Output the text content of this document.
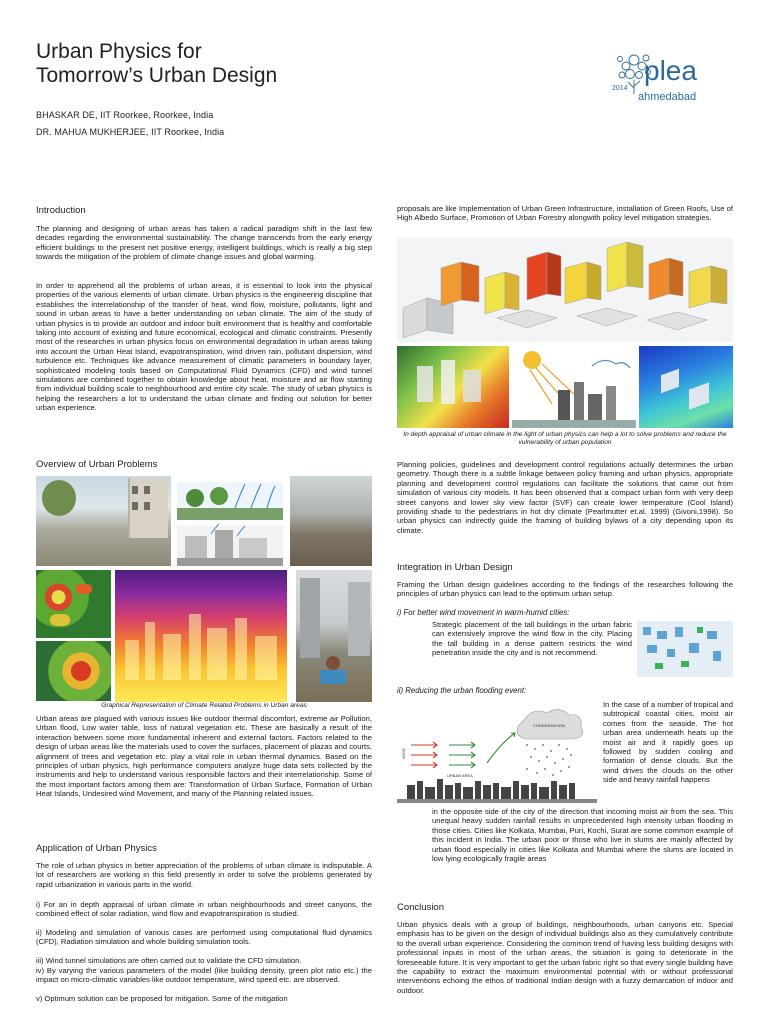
Urban Physics for
Tomorrow’s Urban Design
BHASKAR DE, IIT Roorkee, Roorkee, India
DR. MAHUA MUKHERJEE, IIT Roorkee, India
2014
plea
ahmedabad
Introduction
The planning and designing of urban areas has taken a radical paradigm shift in the last few decades regarding the environmental sustainability. The change transcends from the early energy efficient buildings to the present net positive energy, intelligent buildings, which is really a big step towards the mitigation of the problem of climate change issues and global warming.
In order to apprehend all the problems of urban areas, it is essential to look into the physical properties of the various elements of urban climate. Urban physics is the engineering discipline that establishes the interrelationship of the transfer of heat, wind flow, moisture, pollutants, light and sound in urban areas to have a better understanding on urban climate. The aim of the study of urban physics is to provide an outdoor and indoor built environment that is healthy and comfortable taking into account of existing and future economical, ecological and climatic constraints. Presently most of the researches in urban physics focus on environmental degradation in urban areas taking into account the Urban Heat Island, evapotranspiration, wind driven rain, pollutant dispersion, wind turbulence etc. Techniques like advance measurement of climatic parameters in boundary layer, sophisticated modeling tools based on Computational Fluid Dynamics (CFD) and wind tunnel simulations are combined together to obtain knowledge about heat, moisture and air flow starting from individual building scale to neighbourhood and entire city scale. The study of urban physics is helping the researchers a lot to understand the urban climate and finding out solution for better urban experience.
Overview of Urban Problems
Graphical Representation of Climate Related Problems in Urban areas
Urban areas are plagued with various issues like outdoor thermal discomfort, extreme air Pollution, Urban flood, Low water table, loss of natural vegetation etc. These are basically a result of the interaction between some more fundamental inherent and external factors. Factors related to the design of urban areas like the materials used to cover the surfaces, placement of plazas and courts, alignment of trees and vegetation etc. play a vital role in urban thermal dynamics. Based on the principles of urban physics, high performance computers analyze huge data sets collected by the instruments and help to understand various responsible factors and their interrelationship. Some of the most important factors among them are: Transformation of Urban Surface, Formation of Urban Heat Islands, Undesired wind Movement, and many of the Planning related issues.
Application of Urban Physics
The role of urban physics in better appreciation of the problems of urban climate is indisputable. A lot of researchers are working in this field presently in order to solve the problems generated by rapid urbanization in various parts in the world.
i) For an in depth appraisal of urban climate in urban neighbourhoods and street canyons, the combined effect of solar radiation, wind flow and evapotranspiration is studied.
ii) Modeling and simulation of various cases are performed using computational fluid dynamics (CFD), Radiation simulation and whole building simulation tools.
iii) Wind tunnel simulations are often carried out to validate the CFD simulation.
iv) By varying the various parameters of the model (like building density, green plot ratio etc.) the impact on micro-climatic variables like outdoor temperature, wind speed etc. are observed.
v) Optimum solution can be proposed for mitigation. Some of the mitigation
proposals are like Implementation of Urban Green Infrastructure, installation of Green Roofs, Use of High Albedo Surface, Promotion of Urban Forestry alongwith policy level mitigation strategies.
In depth appraisal of urban climate in the light of urban physics can help a lot to solve problems and reduce the vulnerability of urban population
Planning policies, guidelines and development control regulations actually determines the urban geometry. Though there is a subtle linkage between policy framing and urban physics, appropriate planning and development control regulations can facilitate the solutions that came out from simulation of various city models. It has been observed that a compact urban form with very deep street canyons and lower sky view factor (SVF) can create lower temperature (Cool Island) providing shade to the pedestrians in hot dry climate (Pearlmutter et.al. 1999) (Givoni,1998). So urban physics can indirectly guide the framing of building bylaws of a city depending upon its climate.
Integration in Urban Design
Framing the Urban design guidelines according to the findings of the researches following the principles of urban physics can lead to the optimum urban setup.
i) For better wind movement in warm-humid cities:
Strategic placement of the tall buildings in the urban fabric can extensively improve the wind flow in the city. Placing the tall building in a dense pattern restricts the wind penetration inside the city and is not recommend.
ii) Reducing the urban flooding event:
CONDENSATION
WIND
URBAN AREA
In the case of a number of tropical and subtropical coastal cities, moist air comes from the seaside. The hot urban area underneath heats up the moist air and it rapidly goes up followed by sudden cooling and formation of dense clouds. But the wind drives the clouds on the other side and heavy rainfall happens
in the opposite side of the city of the direction that incoming moist air from the sea. This unequal heavy sudden rainfall results in unprecedented high intensity urban flooding in those cities. Cities like Kolkata, Mumbai, Puri, Kochi, Surat are some common example of this incident in India. The urban poor or those who live in slums are mainly affected by urban flood especially in cities like Kolkata and Mumbai where the slums are located in low lying ecologically fragile areas
Conclusion
Urban physics deals with a group of buildings, neighbourhoods, urban canyons etc. Special emphasis has to be given on the design of individual buildings also as they cumulatively contribute to the overall urban experience. Considering the common trend of having less building designs with professional inputs in most of the urban areas, the situation is going to deteriorate in the foreseeable future. It is very important to get the urban fabric right so that every single building have the capability to extract the maximum environmental potential with or without professional interventions echoing the ethos of traditional Indian design with a fuzzy demarcation of indoor and outdoor.
